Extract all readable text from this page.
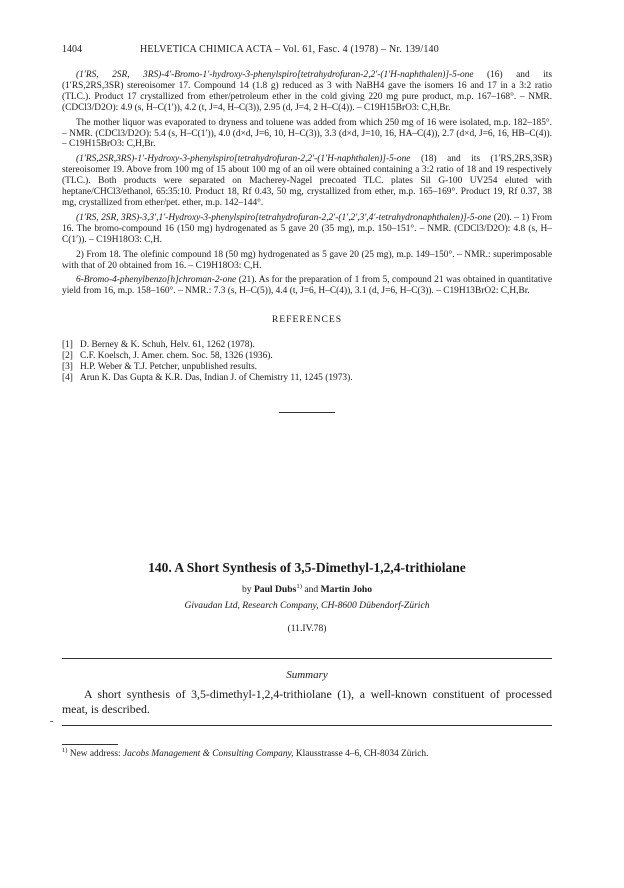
1404	HELVETICA CHIMICA ACTA – Vol. 61, Fasc. 4 (1978) – Nr. 139/140

(1′RS, 2SR, 3RS)-4′-Bromo-1′-hydroxy-3-phenylspiro[tetrahydrofuran-2,2′-(1′H-naphthalen)]-5-one (16) and its (1′RS,2RS,3SR) stereoisomer 17. Compound 14 (1.8 g) reduced as 3 with NaBH4 gave the isomers 16 and 17 in a 3:2 ratio (TLC.). Product 17 crystallized from ether/petroleum ether in the cold giving 220 mg pure product, m.p. 167–168°. – NMR. (CDCl3/D2O): 4.9 (s, H–C(1′)), 4.2 (t, J=4, H–C(3)), 2.95 (d, J=4, 2 H–C(4)). – C19H15BrO3: C,H,Br.

The mother liquor was evaporated to dryness and toluene was added from which 250 mg of 16 were isolated, m.p. 182–185°. – NMR. (CDCl3/D2O): 5.4 (s, H–C(1′)), 4.0 (d×d, J=6, 10, H–C(3)), 3.3 (d×d, J=10, 16, HA–C(4)), 2.7 (d×d, J=6, 16, HB–C(4)). – C19H15BrO3: C,H,Br.

(1′RS,2SR,3RS)-1′-Hydroxy-3-phenylspiro[tetrahydrofuran-2,2′-(1′H-naphthalen)]-5-one (18) and its (1′RS,2RS,3SR) stereoisomer 19. Above from 100 mg of 15 about 100 mg of an oil were obtained containing a 3:2 ratio of 18 and 19 respectively (TLC.). Both products were separated on Macherey-Nagel precoated TLC. plates Sil G-100 UV254 eluted with heptane/CHCl3/ethanol, 65:35:10. Product 18, Rf 0.43, 50 mg, crystallized from ether, m.p. 165–169°. Product 19, Rf 0.37, 38 mg, crystallized from ether/pet. ether, m.p. 142–144°.

(1′RS, 2SR, 3RS)-3,3′,1′-Hydroxy-3-phenylspiro[tetrahydrofuran-2,2′-(1′,2′,3′,4′-tetrahydronaphthalen)]-5-one (20). – 1) From 16. The bromo-compound 16 (150 mg) hydrogenated as 5 gave 20 (35 mg), m.p. 150–151°. – NMR. (CDCl3/D2O): 4.8 (s, H–C(1′)). – C19H18O3: C,H.

2) From 18. The olefinic compound 18 (50 mg) hydrogenated as 5 gave 20 (25 mg), m.p. 149–150°. – NMR.: superimposable with that of 20 obtained from 16. – C19H18O3: C,H.

6-Bromo-4-phenylbenzo[h]chroman-2-one (21). As for the preparation of 1 from 5, compound 21 was obtained in quantitative yield from 16, m.p. 158–160°. – NMR.: 7.3 (s, H–C(5)), 4.4 (t, J=6, H–C(4)), 3.1 (d, J=6, H–C(3)). – C19H13BrO2: C,H,Br.

REFERENCES

[1] D. Berney & K. Schuh, Helv. 61, 1262 (1978).

[2] C.F. Koelsch, J. Amer. chem. Soc. 58, 1326 (1936).

[3] H.P. Weber & T.J. Petcher, unpublished results.

[4] Arun K. Das Gupta & K.R. Das, Indian J. of Chemistry 11, 1245 (1973).

140. A Short Synthesis of 3,5-Dimethyl-1,2,4-trithiolane
by Paul Dubs$^{1)}$ and Martin Joho
Givaudan Ltd, Research Company, CH-8600 Dübendorf-Zürich
(11.IV.78)
Summary
A short synthesis of 3,5-dimethyl-1,2,4-trithiolane (1), a well-known constituent of processed meat, is described.
$^{1)}$ New address: Jacobs Management & Consulting Company, Klausstrasse 4–6, CH-8034 Zürich.
